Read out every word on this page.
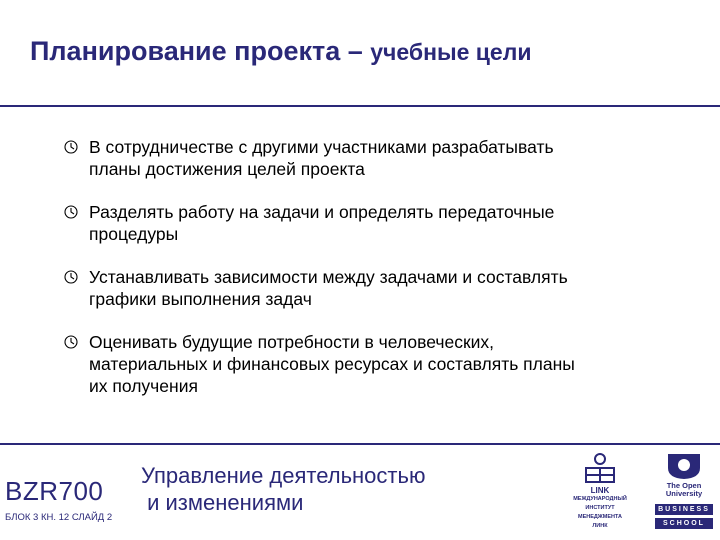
Планирование проекта – учебные цели
В сотрудничестве с другими участниками разрабатывать
планы достижения целей проекта
Разделять работу на задачи и определять передаточные
процедуры
Устанавливать зависимости между задачами и составлять
графики выполнения задач
Оценивать будущие потребности в человеческих,
материальных и финансовых ресурсах и составлять планы
их получения
BZR700
БЛОК 3 КН. 12 СЛАЙД 2
Управление деятельностью
и изменениями	LINK
МЕЖДУНАРОДНЫЙ
ИНСТИТУТ
МЕНЕДЖМЕНТА
ЛИНК
The Open
University
BUSINESS
SCHOOL
